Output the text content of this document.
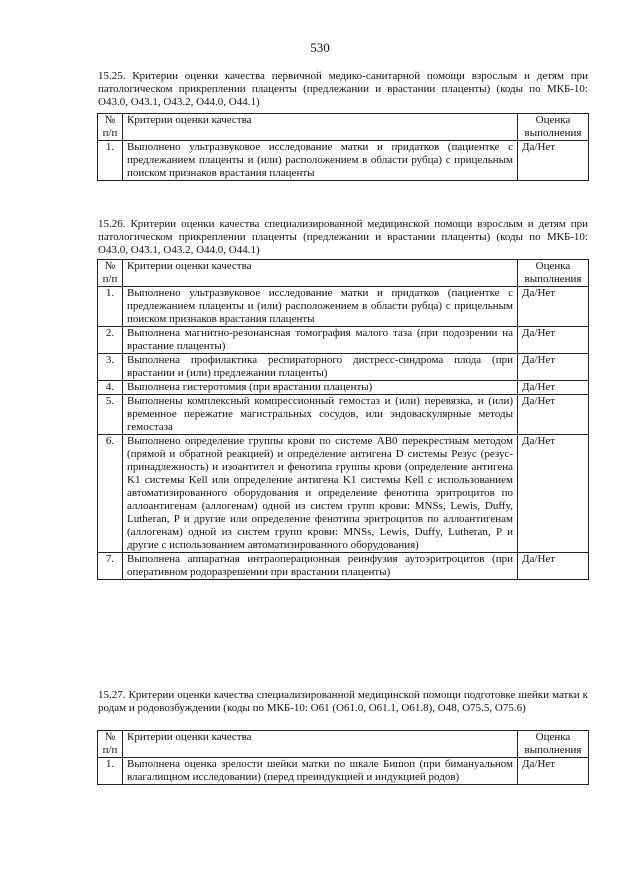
530
15.25. Критерии оценки качества первичной медико-санитарной помощи взрослым и детям при патологическом прикреплении плаценты (предлежании и врастании плаценты) (коды по МКБ-10: O43.0, O43.1, O43.2, O44.0, O44.1)
№ п/п	Критерии оценки качества	Оценка выполнения
1.	Выполнено ультразвуковое исследование матки и придатков (пациентке с предлежанием плаценты и (или) расположением в области рубца) с прицельным поиском признаков врастания плаценты	Да/Нет
15.26. Критерии оценки качества специализированной медицинской помощи взрослым и детям при патологическом прикреплении плаценты (предлежании и врастании плаценты) (коды по МКБ-10: O43.0, O43.1, O43.2, O44.0, O44.1)
№ п/п	Критерии оценки качества	Оценка выполнения
1.	Выполнено ультразвуковое исследование матки и придатков (пациентке с предлежанием плаценты и (или) расположением в области рубца) с прицельным поиском признаков врастания плаценты	Да/Нет
2.	Выполнена магнитно-резонансная томография малого таза (при подозрении на врастание плаценты)	Да/Нет
3.	Выполнена профилактика респираторного дистресс-синдрома плода (при врастании и (или) предлежании плаценты)	Да/Нет
4.	Выполнена гистеротомия (при врастании плаценты)	Да/Нет
5.	Выполнены комплексный компрессионный гемостаз и (или) перевязка, и (или) временное пережатие магистральных сосудов, или эндоваскулярные методы гемостаза	Да/Нет
6.	Выполнено определение группы крови по системе AB0 перекрестным методом (прямой и обратной реакцией) и определение антигена D системы Резус (резус-принадлежность) и изоантител и фенотипа группы крови (определение антигена K1 системы Kell или определение антигена K1 системы Kell с использованием автоматизированного оборудования и определение фенотипа эритроцитов по аллоантигенам (аллогенам) одной из систем групп крови: MNSs, Lewis, Duffy, Lutheran, P и другие или определение фенотипа эритроцитов по аллоантигенам (аллогенам) одной из систем групп крови: MNSs, Lewis, Duffy, Lutheran, P и другие с использованием автоматизированного оборудования)	Да/Нет
7.	Выполнена аппаратная интраоперационная реинфузия аутоэритроцитов (при оперативном родоразрешении при врастании плаценты)	Да/Нет
15.27. Критерии оценки качества специализированной медицинской помощи подготовке шейки матки к родам и родовозбуждении (коды по МКБ-10: O61 (O61.0, O61.1, O61.8), O48, O75.5, O75.6)
№ п/п	Критерии оценки качества	Оценка выполнения
1.	Выполнена оценка зрелости шейки матки по шкале Бишоп (при бимануальном влагалищном исследовании) (перед преиндукцией и индукцией родов)	Да/Нет
